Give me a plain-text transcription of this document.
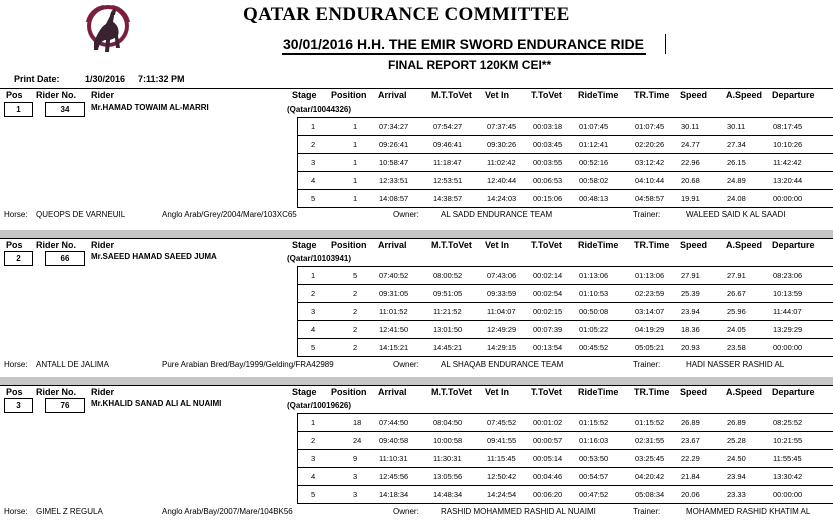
QATAR ENDURANCE COMMITTEE
30/01/2016 H.H. THE EMIR SWORD ENDURANCE RIDE
FINAL REPORT 120KM CEI**
Print Date:	1/30/2016 7:11:32 PM
Pos Rider No. Rider	Stage Position Arrival	M.T.ToVet Vet In T.ToVet RideTime TR.Time Speed A.Speed Departure
1	34	Mr.HAMAD TOWAIM AL-MARRI	(Qatar/10044326)
1	1	07:34:27	07:54:27	07:37:45 00:03:18 01:07:45	01:07:45 30.11	30.11	08:17:45
2	1	09:26:41	09:46:41	09:30:26 00:03:45 01:12:41	02:20:26 24.77	27.34	10:10:26
3	1	10:58:47	11:18:47	11:02:42 00:03:55 00:52:16	03:12:42 22.96	26.15	11:42:42
4	1	12:33:51	12:53:51	12:40:44 00:06:53 00:58:02	04:10:44 20.68	24.89	13:20:44
5	1	14:08:57	14:38:57	14:24:03 00:15:06 00:48:13	04:58:57 19.91	24.08	00:00:00
Horse: QUEOPS DE VARNEUIL	Anglo Arab/Grey/2004/Mare/103XC65	Owner:	AL SADD ENDURANCE TEAM	Trainer:	WALEED SAID K AL SAADI
Pos Rider No. Rider	Stage Position Arrival	M.T.ToVet Vet In T.ToVet RideTime TR.Time Speed A.Speed Departure
2	66	Mr.SAEED HAMAD SAEED JUMA	(Qatar/10103941)
1	5	07:40:52	08:00:52	07:43:06 00:02:14 01:13:06	01:13:06 27.91	27.91	08:23:06
2	2	09:31:05	09:51:05	09:33:59 00:02:54 01:10:53	02:23:59 25.39	26.67	10:13:59
3	2	11:01:52	11:21:52	11:04:07 00:02:15 00:50:08	03:14:07 23.94	25.96	11:44:07
4	2	12:41:50	13:01:50	12:49:29 00:07:39 01:05:22	04:19:29 18.36	24.05	13:29:29
5	2	14:15:21	14:45:21	14:29:15 00:13:54 00:45:52	05:05:21 20.93	23.58	00:00:00
Horse: ANTALL DE JALIMA	Pure Arabian Bred/Bay/1999/Gelding/FRA42989	Owner:	AL SHAQAB ENDURANCE TEAM	Trainer:	HADI NASSER RASHID AL
Pos Rider No. Rider	Stage Position Arrival	M.T.ToVet Vet In T.ToVet RideTime TR.Time Speed A.Speed Departure
3	76	Mr.KHALID SANAD ALI AL NUAIMI	(Qatar/10019626)
1	18 07:44:50	08:04:50	07:45:52 00:01:02 01:15:52	01:15:52 26.89	26.89	08:25:52
2	24 09:40:58	10:00:58	09:41:55 00:00:57 01:16:03	02:31:55 23.67	25.28	10:21:55
3	9	11:10:31	11:30:31	11:15:45 00:05:14 00:53:50	03:25:45 22.29	24.50	11:55:45
4	3	12:45:56	13:05:56	12:50:42 00:04:46 00:54:57	04:20:42 21.84	23.94	13:30:42
5	3	14:18:34	14:48:34	14:24:54 00:06:20 00:47:52	05:08:34 20.06	23.33	00:00:00
Horse: GIMEL Z REGULA	Anglo Arab/Bay/2007/Mare/104BK56	Owner:	RASHID MOHAMMED RASHID AL NUAIMI	Trainer:	MOHAMMED RASHID KHATIM AL
